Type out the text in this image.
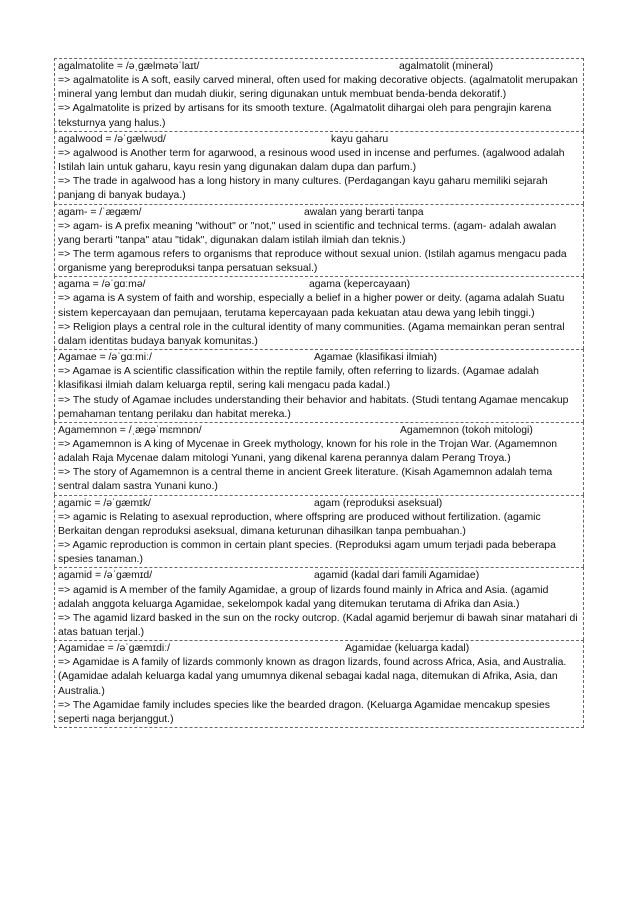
agalmatolite = /əˌɡælmətəˈlaɪt/	agalmatolit (mineral)

=> agalmatolite is A soft, easily carved mineral, often used for making decorative objects. (agalmatolit merupakan mineral yang lembut dan mudah diukir, sering digunakan untuk membuat benda-benda dekoratif.)

=> Agalmatolite is prized by artisans for its smooth texture. (Agalmatolit dihargai oleh para pengrajin karena teksturnya yang halus.)

agalwood = /əˈɡælwʊd/	kayu gaharu

=> agalwood is Another term for agarwood, a resinous wood used in incense and perfumes. (agalwood adalah Istilah lain untuk gaharu, kayu resin yang digunakan dalam dupa dan parfum.)

=> The trade in agalwood has a long history in many cultures. (Perdagangan kayu gaharu memiliki sejarah panjang di banyak budaya.)

agam- = /ˈæɡæm/	awalan yang berarti tanpa

=> agam- is A prefix meaning "without" or "not," used in scientific and technical terms. (agam- adalah awalan yang berarti "tanpa" atau "tidak", digunakan dalam istilah ilmiah dan teknis.)

=> The term agamous refers to organisms that reproduce without sexual union. (Istilah agamus mengacu pada organisme yang bereproduksi tanpa persatuan seksual.)

agama = /əˈɡɑːmə/	agama (kepercayaan)

=> agama is A system of faith and worship, especially a belief in a higher power or deity. (agama adalah Suatu sistem kepercayaan dan pemujaan, terutama kepercayaan pada kekuatan atau dewa yang lebih tinggi.)

=> Religion plays a central role in the cultural identity of many communities. (Agama memainkan peran sentral dalam identitas budaya banyak komunitas.)

Agamae = /əˈɡɑːmiː/	Agamae (klasifikasi ilmiah)

=> Agamae is A scientific classification within the reptile family, often referring to lizards. (Agamae adalah klasifikasi ilmiah dalam keluarga reptil, sering kali mengacu pada kadal.)

=> The study of Agamae includes understanding their behavior and habitats. (Studi tentang Agamae mencakup pemahaman tentang perilaku dan habitat mereka.)

Agamemnon = /ˌæɡəˈmɛmnɒn/	Agamemnon (tokoh mitologi)

=> Agamemnon is A king of Mycenae in Greek mythology, known for his role in the Trojan War. (Agamemnon adalah Raja Mycenae dalam mitologi Yunani, yang dikenal karena perannya dalam Perang Troya.)

=> The story of Agamemnon is a central theme in ancient Greek literature. (Kisah Agamemnon adalah tema sentral dalam sastra Yunani kuno.)

agamic = /əˈɡæmɪk/	agam (reproduksi aseksual)

=> agamic is Relating to asexual reproduction, where offspring are produced without fertilization. (agamic Berkaitan dengan reproduksi aseksual, dimana keturunan dihasilkan tanpa pembuahan.)

=> Agamic reproduction is common in certain plant species. (Reproduksi agam umum terjadi pada beberapa spesies tanaman.)

agamid = /əˈɡæmɪd/	agamid (kadal dari famili Agamidae)

=> agamid is A member of the family Agamidae, a group of lizards found mainly in Africa and Asia. (agamid adalah anggota keluarga Agamidae, sekelompok kadal yang ditemukan terutama di Afrika dan Asia.)

=> The agamid lizard basked in the sun on the rocky outcrop. (Kadal agamid berjemur di bawah sinar matahari di atas batuan terjal.)

Agamidae = /əˈɡæmɪdiː/	Agamidae (keluarga kadal)

=> Agamidae is A family of lizards commonly known as dragon lizards, found across Africa, Asia, and Australia. (Agamidae adalah keluarga kadal yang umumnya dikenal sebagai kadal naga, ditemukan di Afrika, Asia, dan Australia.)

=> The Agamidae family includes species like the bearded dragon. (Keluarga Agamidae mencakup spesies seperti naga berjanggut.)
